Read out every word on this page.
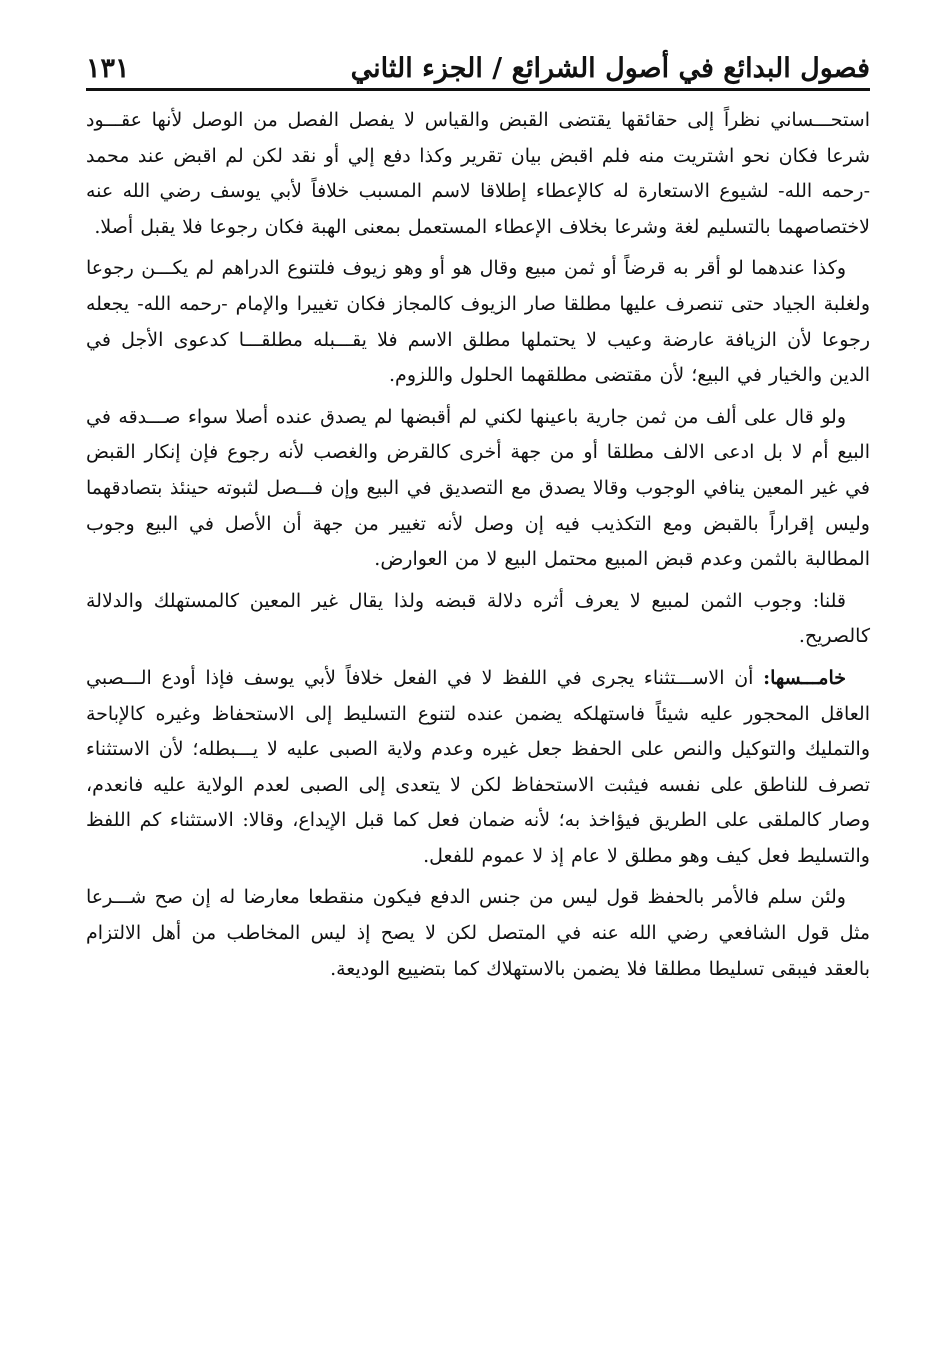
فصول البدائع في أصول الشرائع / الجزء الثاني
١٣١

استحـــساني نظراً إلى حقائقها يقتضى القبض والقياس لا يفصل الفصل من الوصل لأنها عقـــود شرعا فكان نحو اشتريت منه فلم اقبض بيان تقرير وكذا دفع إلي أو نقد لكن لم اقبض عند محمد -رحمه الله- لشيوع الاستعارة له كالإعطاء إطلاقا لاسم المسبب خلافاً لأبي يوسف رضي الله عنه لاختصاصهما بالتسليم لغة وشرعا بخلاف الإعطاء المستعمل بمعنى الهبة فكان رجوعا فلا يقبل أصلا.

وكذا عندهما لو أقر به قرضاً أو ثمن مبيع وقال هو أو وهو زيوف فلتنوع الدراهم لم يكـــن رجوعا ولغلبة الجياد حتى تنصرف عليها مطلقا صار الزيوف كالمجاز فكان تغييرا والإمام -رحمه الله- يجعله رجوعا لأن الزيافة عارضة وعيب لا يحتملها مطلق الاسم فلا يقـــبله مطلقـــا كدعوى الأجل في الدين والخيار في البيع؛ لأن مقتضى مطلقهما الحلول واللزوم.

ولو قال على ألف من ثمن جارية باعينها لكني لم أقبضها لم يصدق عنده أصلا سواء صـــدقه في البيع أم لا بل ادعى الالف مطلقا أو من جهة أخرى كالقرض والغصب لأنه رجوع فإن إنكار القبض في غير المعين ينافي الوجوب وقالا يصدق مع التصديق في البيع وإن فـــصل لثبوته حينئذ بتصادقهما وليس إقراراً بالقبض ومع التكذيب فيه إن وصل لأنه تغيير من جهة أن الأصل في البيع وجوب المطالبة بالثمن وعدم قبض المبيع محتمل البيع لا من العوارض.

قلنا: وجوب الثمن لمبيع لا يعرف أثره دلالة قبضه ولذا يقال غير المعين كالمستهلك والدلالة كالصريح.

خامـــسها: أن الاســـتثناء يجرى في اللفظ لا في الفعل خلافاً لأبي يوسف فإذا أودع الـــصبي العاقل المحجور عليه شيئاً فاستهلكه يضمن عنده لتنوع التسليط إلى الاستحفاظ وغيره كالإباحة والتمليك والتوكيل والنص على الحفظ جعل غيره وعدم ولاية الصبى عليه لا يـــبطله؛ لأن الاستثناء تصرف للناطق على نفسه فيثبت الاستحفاظ لكن لا يتعدى إلى الصبى لعدم الولاية عليه فانعدم، وصار كالملقى على الطريق فيؤاخذ به؛ لأنه ضمان فعل كما قبل الإيداع، وقالا: الاستثناء كم اللفظ والتسليط فعل كيف وهو مطلق لا عام إذ لا عموم للفعل.

ولئن سلم فالأمر بالحفظ قول ليس من جنس الدفع فيكون منقطعا معارضا له إن صح شـــرعا مثل قول الشافعي رضي الله عنه في المتصل لكن لا يصح إذ ليس المخاطب من أهل الالتزام بالعقد فيبقى تسليطا مطلقا فلا يضمن بالاستهلاك كما بتضييع الوديعة.
